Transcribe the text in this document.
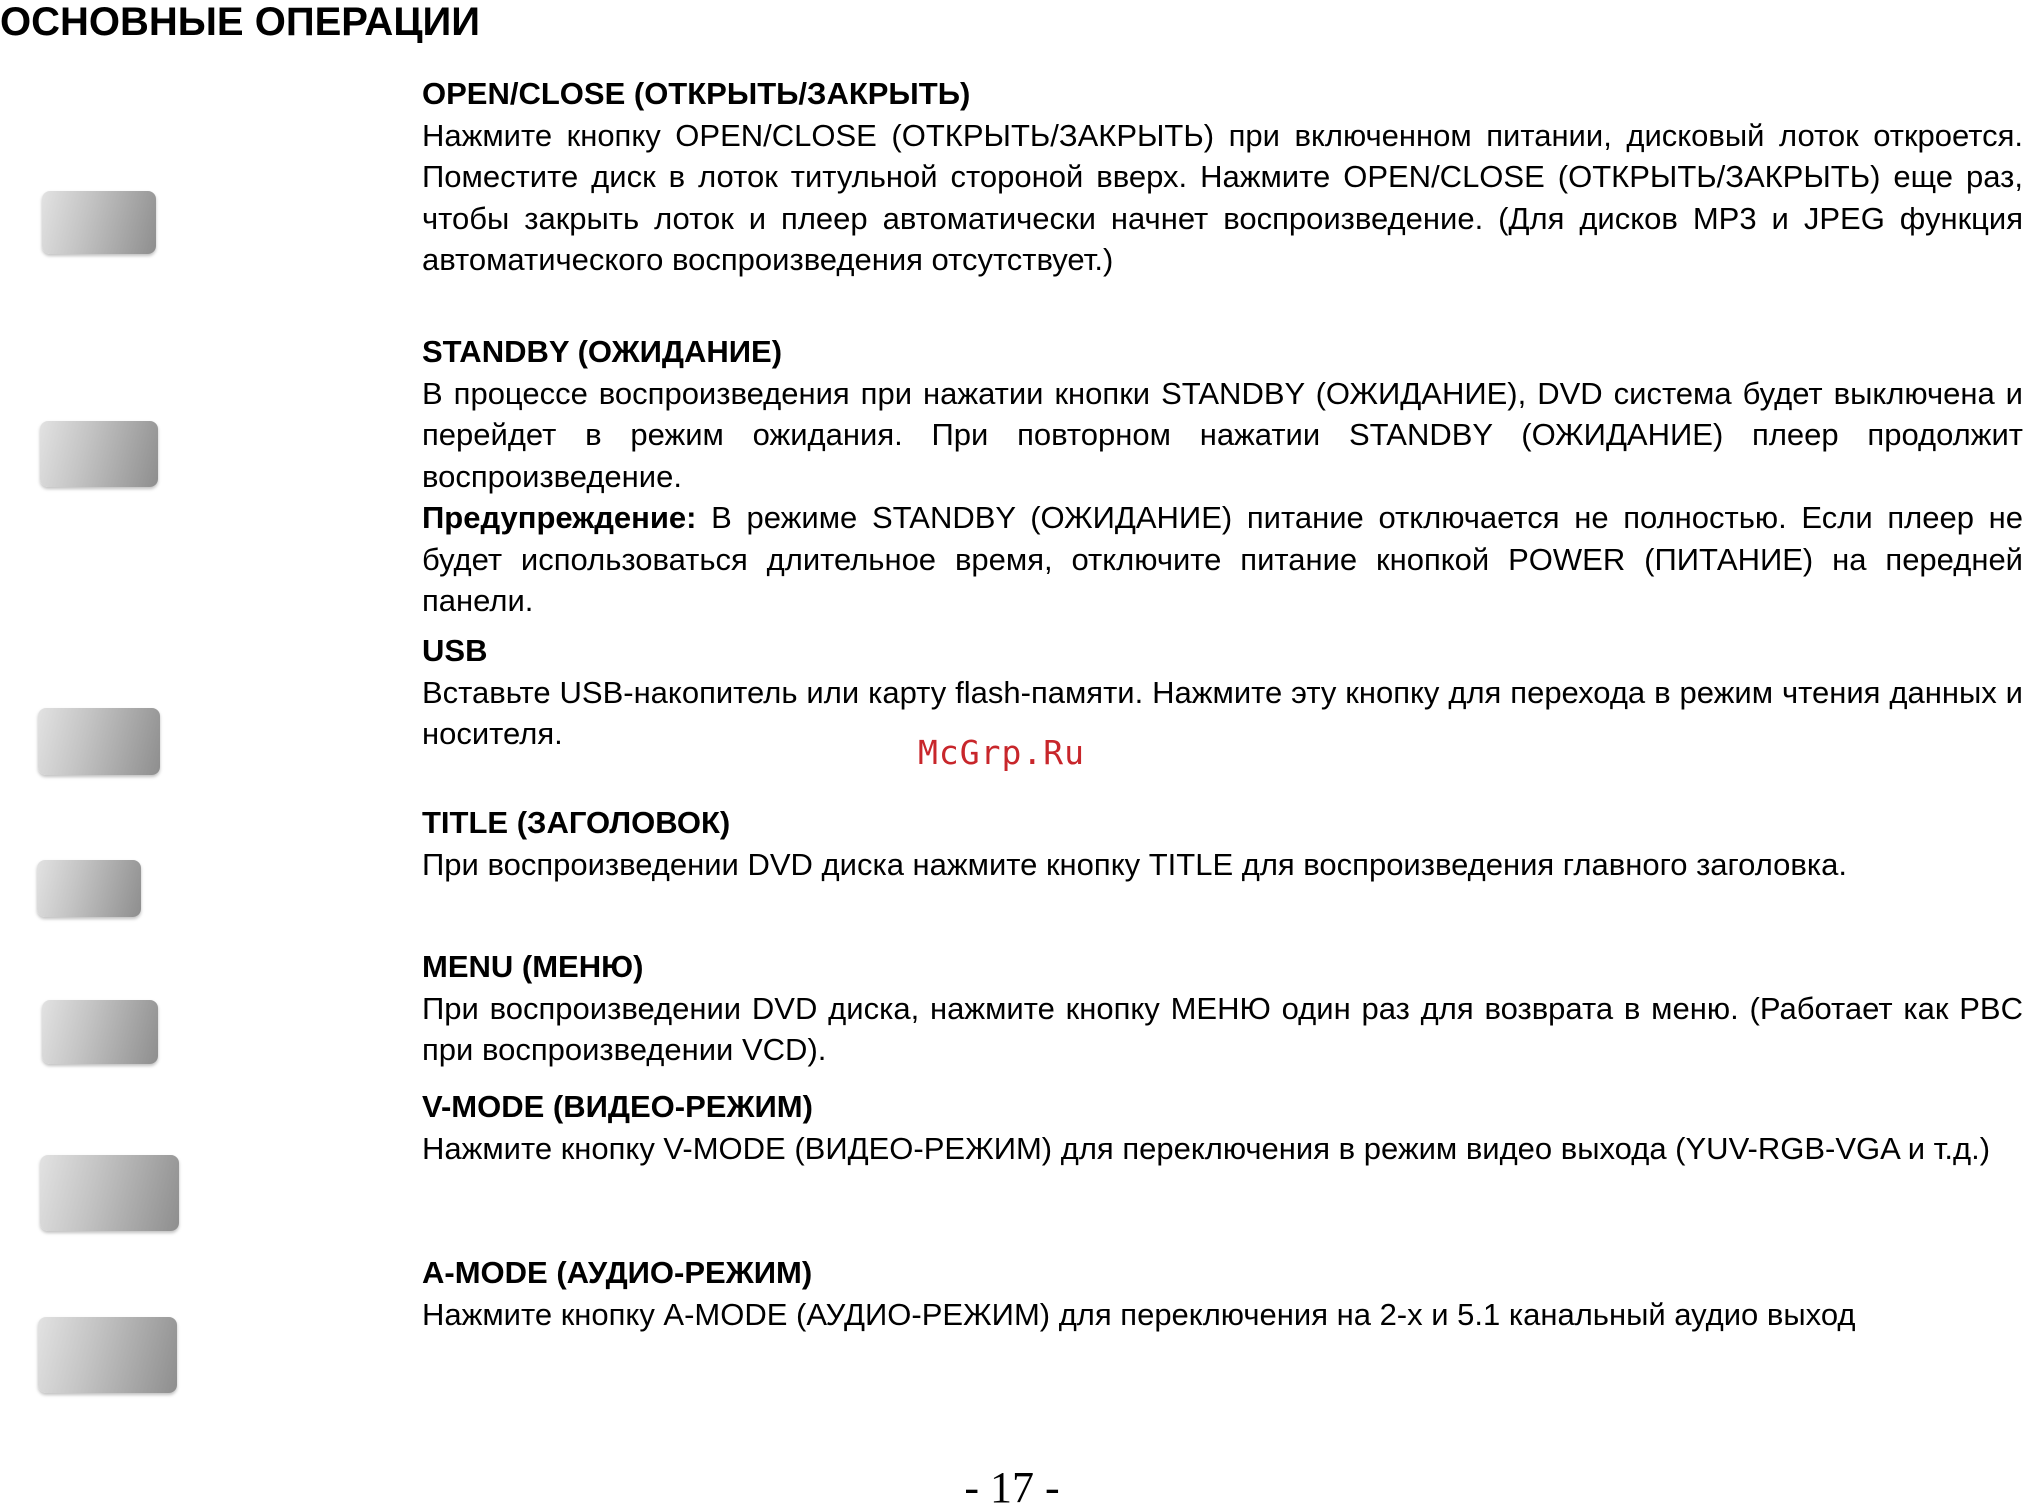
ОСНОВНЫЕ ОПЕРАЦИИ
OPEN/CLOSE (ОТКРЫТЬ/ЗАКРЫТЬ)

Нажмите кнопку OPEN/CLOSE (ОТКРЫТЬ/ЗАКРЫТЬ) при включенном питании, дисковый лоток откроется. Поместите диск в лоток титульной стороной вверх. Нажмите OPEN/CLOSE (ОТКРЫТЬ/ЗАКРЫТЬ) еще раз, чтобы закрыть лоток и плеер автоматически начнет воспроизведение. (Для дисков MP3 и JPEG функция автоматического воспроизведения отсутствует.)

STANDBY (ОЖИДАНИЕ)

В процессе воспроизведения при нажатии кнопки STANDBY (ОЖИДАНИЕ), DVD система будет выключена и перейдет в режим ожидания. При повторном нажатии STANDBY (ОЖИДАНИЕ) плеер продолжит воспроизведение.

Предупреждение: В режиме STANDBY (ОЖИДАНИЕ) питание отключается не полностью. Если плеер не будет использоваться длительное время, отключите питание кнопкой POWER (ПИТАНИЕ) на передней панели.

USB

Вставьте USB-накопитель или карту flash-памяти. Нажмите эту кнопку для перехода в режим чтения данных и носителя.

TITLE (ЗАГОЛОВОК)

При воспроизведении DVD диска нажмите кнопку TITLE для воспроизведения главного заголовка.

MENU (МЕНЮ)

При воспроизведении DVD диска, нажмите кнопку МЕНЮ один раз для возврата в меню. (Работает как PBC при воспроизведении VCD).

V-MODE (ВИДЕО-РЕЖИМ)

Нажмите кнопку V-MODE (ВИДЕО-РЕЖИМ) для переключения в режим видео выхода (YUV-RGB-VGA и т.д.)

A-MODE (АУДИО-РЕЖИМ)

Нажмите кнопку A-MODE (АУДИО-РЕЖИМ) для переключения на 2-х и 5.1 канальный аудио выход

McGrp.Ru
- 17 -
